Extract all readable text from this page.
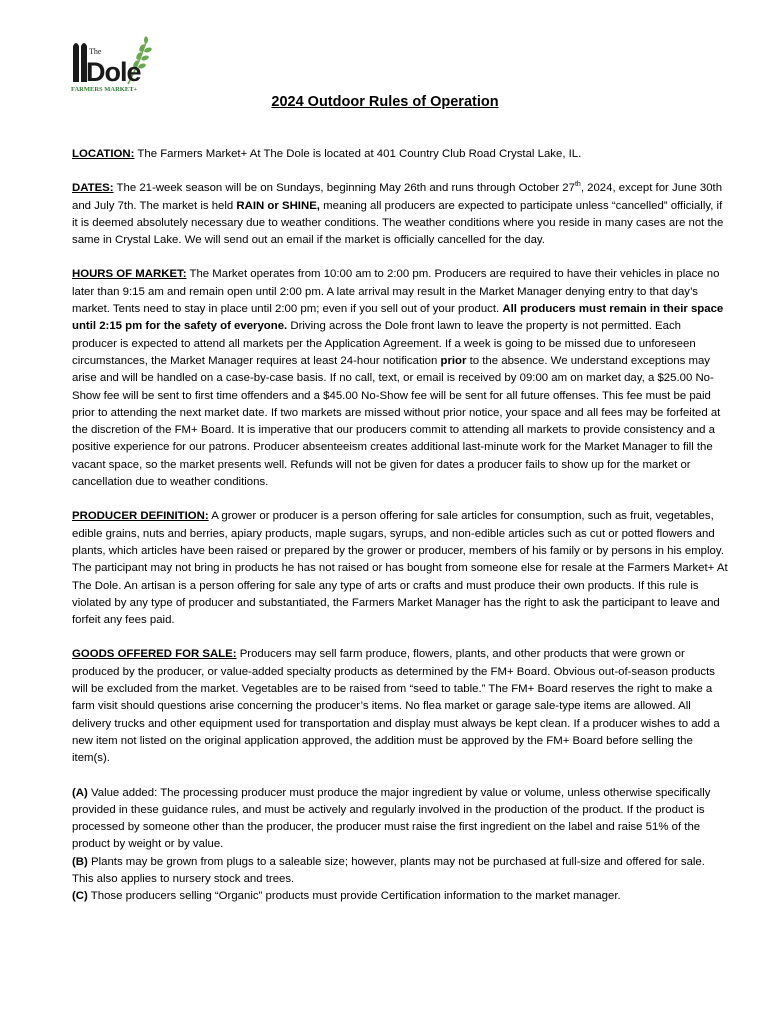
The
Dole
FARMERS MARKET+
2024 Outdoor Rules of Operation

LOCATION: The Farmers Market+ At The Dole is located at 401 Country Club Road Crystal Lake, IL.

DATES: The 21-week season will be on Sundays, beginning May 26th and runs through October 27th, 2024, except for June 30th and July 7th. The market is held RAIN or SHINE, meaning all producers are expected to participate unless “cancelled” officially, if it is deemed absolutely necessary due to weather conditions. The weather conditions where you reside in many cases are not the same in Crystal Lake. We will send out an email if the market is officially cancelled for the day.

HOURS OF MARKET: The Market operates from 10:00 am to 2:00 pm. Producers are required to have their vehicles in place no later than 9:15 am and remain open until 2:00 pm. A late arrival may result in the Market Manager denying entry to that day’s market. Tents need to stay in place until 2:00 pm; even if you sell out of your product. All producers must remain in their space until 2:15 pm for the safety of everyone. Driving across the Dole front lawn to leave the property is not permitted. Each producer is expected to attend all markets per the Application Agreement. If a week is going to be missed due to unforeseen circumstances, the Market Manager requires at least 24-hour notification prior to the absence. We understand exceptions may arise and will be handled on a case-by-case basis. If no call, text, or email is received by 09:00 am on market day, a $25.00 No-Show fee will be sent to first time offenders and a $45.00 No-Show fee will be sent for all future offenses. This fee must be paid prior to attending the next market date. If two markets are missed without prior notice, your space and all fees may be forfeited at the discretion of the FM+ Board. It is imperative that our producers commit to attending all markets to provide consistency and a positive experience for our patrons. Producer absenteeism creates additional last-minute work for the Market Manager to fill the vacant space, so the market presents well. Refunds will not be given for dates a producer fails to show up for the market or cancellation due to weather conditions.

PRODUCER DEFINITION: A grower or producer is a person offering for sale articles for consumption, such as fruit, vegetables, edible grains, nuts and berries, apiary products, maple sugars, syrups, and non-edible articles such as cut or potted flowers and plants, which articles have been raised or prepared by the grower or producer, members of his family or by persons in his employ. The participant may not bring in products he has not raised or has bought from someone else for resale at the Farmers Market+ At The Dole. An artisan is a person offering for sale any type of arts or crafts and must produce their own products. If this rule is violated by any type of producer and substantiated, the Farmers Market Manager has the right to ask the participant to leave and forfeit any fees paid.

GOODS OFFERED FOR SALE: Producers may sell farm produce, flowers, plants, and other products that were grown or produced by the producer, or value-added specialty products as determined by the FM+ Board. Obvious out-of-season products will be excluded from the market. Vegetables are to be raised from “seed to table.” The FM+ Board reserves the right to make a farm visit should questions arise concerning the producer’s items. No flea market or garage sale-type items are allowed. All delivery trucks and other equipment used for transportation and display must always be kept clean. If a producer wishes to add a new item not listed on the original application approved, the addition must be approved by the FM+ Board before selling the item(s).

(A) Value added: The processing producer must produce the major ingredient by value or volume, unless otherwise specifically provided in these guidance rules, and must be actively and regularly involved in the production of the product. If the product is processed by someone other than the producer, the producer must raise the first ingredient on the label and raise 51% of the product by weight or by value.

(B) Plants may be grown from plugs to a saleable size; however, plants may not be purchased at full-size and offered for sale. This also applies to nursery stock and trees.

(C) Those producers selling “Organic” products must provide Certification information to the market manager.
